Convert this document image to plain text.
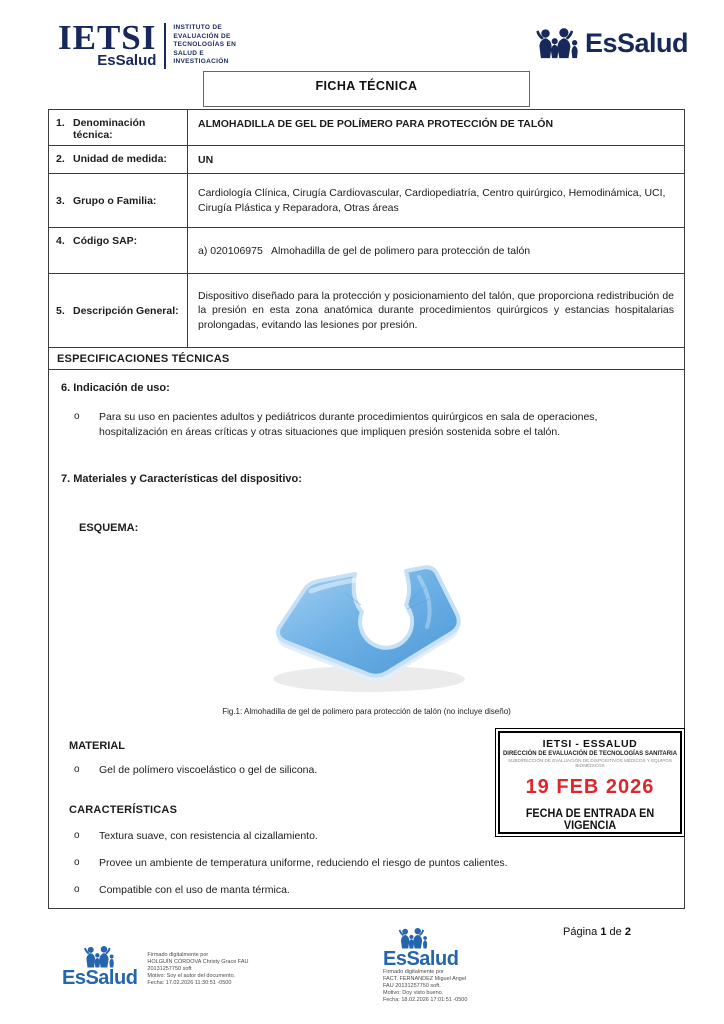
IETSI
EsSalud
INSTITUTO DE
EVALUACIÓN DE
TECNOLOGÍAS EN
SALUD E
INVESTIGACIÓN
EsSalud
FICHA TÉCNICA
1. Denominación técnica:
ALMOHADILLA DE GEL DE POLÍMERO PARA PROTECCIÓN DE TALÓN
2. Unidad de medida:	UN
3. Grupo o Familia:
Cardiología Clínica, Cirugía Cardiovascular, Cardiopediatría, Centro quirúrgico, Hemodinámica, UCI, Cirugía Plástica y Reparadora, Otras áreas
4. Código SAP:
a) 020106975   Almohadilla de gel de polimero para protección de talón
5. Descripción General:
Dispositivo diseñado para la protección y posicionamiento del talón, que proporciona redistribución de la presión en esta zona anatómica durante procedimientos quirúrgicos y estancias hospitalarias prolongadas, evitando las lesiones por presión.
ESPECIFICACIONES TÉCNICAS
6. Indicación de uso:
o	Para su uso en pacientes adultos y pediátricos durante procedimientos quirúrgicos en sala de operaciones, hospitalización en áreas críticas y otras situaciones que impliquen presión sostenida sobre el talón.
7. Materiales y Características del dispositivo:
ESQUEMA:
Fig.1: Almohadilla de gel de polimero para protección de talón (no incluye diseño)
MATERIAL
o	Gel de polímero viscoelástico o gel de silicona.
CARACTERÍSTICAS
o	Textura suave, con resistencia al cizallamiento.
o	Provee un ambiente de temperatura uniforme, reduciendo el riesgo de puntos calientes.
o	Compatible con el uso de manta térmica.
IETSI - ESSALUD
DIRECCIÓN DE EVALUACIÓN DE TECNOLOGÍAS SANITARIA
SUBDIRECCIÓN DE EVALUACIÓN DE DISPOSITIVOS MÉDICOS Y EQUIPOS BIOMÉDICOS
19 FEB 2026
FECHA DE ENTRADA EN VIGENCIA
EsSalud
Firmado digitalmente por
HOLGUÍN CÓRDOVA Christy Grace FAU
20131257750 soft
Motivo: Soy el autor del documento.
Fecha: 17.02.2026 11:30:51 -0500
EsSalud
Firmado digitalmente por
FACT. FERNANDEZ Miguel Angel
FAU 20131257750 soft.
Motivo: Doy visto bueno.
Fecha: 18.02.2026 17:01:51 -0500
Página 1 de 2
